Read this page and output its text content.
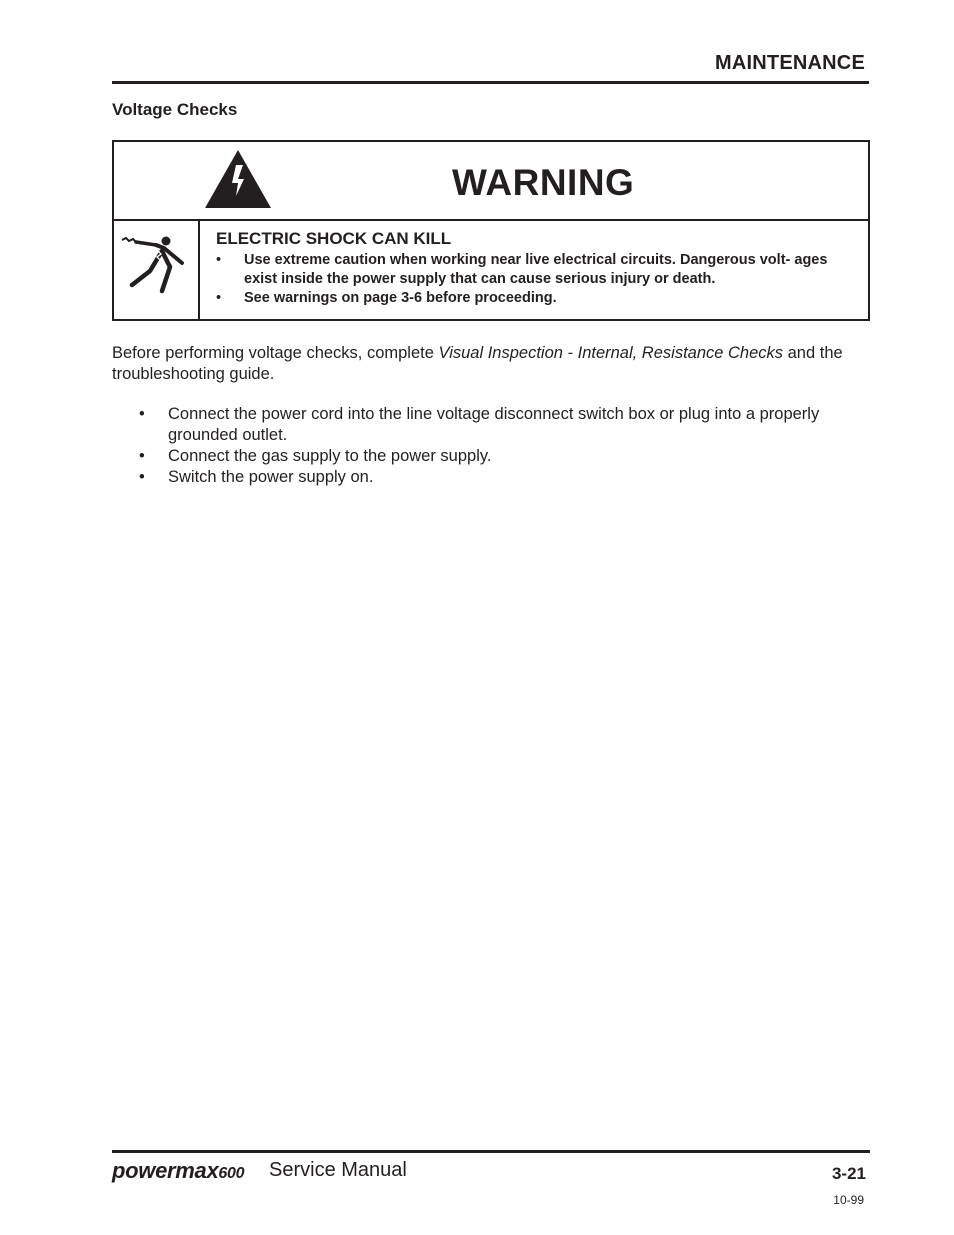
MAINTENANCE
Voltage Checks
WARNING
ELECTRIC SHOCK CAN KILL
• Use extreme caution when working near live electrical circuits. Dangerous volt- ages exist inside the power supply that can cause serious injury or death.
• See warnings on page 3-6 before proceeding.

Before performing voltage checks, complete Visual Inspection - Internal, Resistance Checks and the troubleshooting guide.

• Connect the power cord into the line voltage disconnect switch box or plug into a properly grounded outlet.
• Connect the gas supply to the power supply.
• Switch the power supply on.
powermax600 Service Manual	3-21
10-99
